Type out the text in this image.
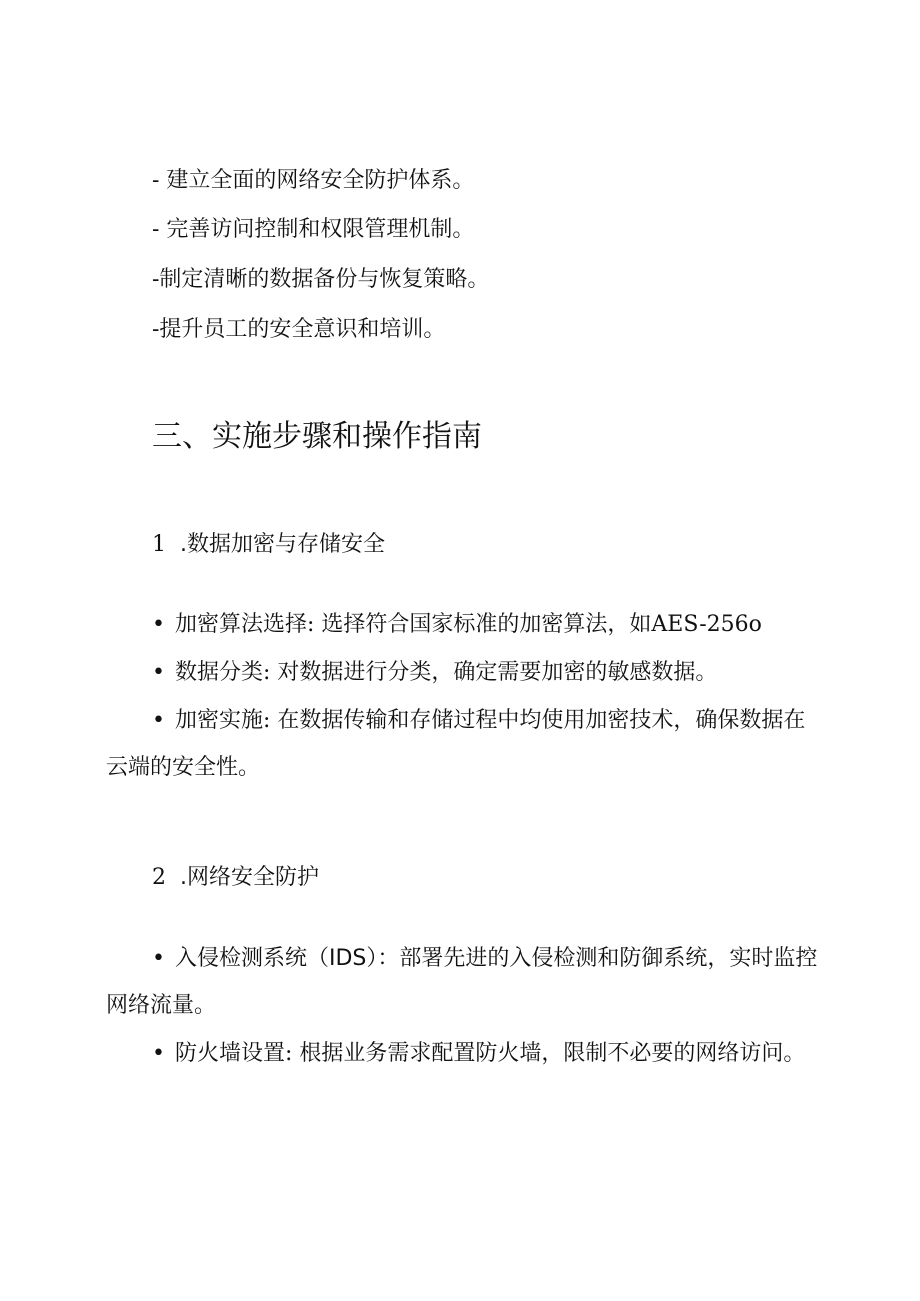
- 建立全面的网络安全防护体系。
- 完善访问控制和权限管理机制。
-制定清晰的数据备份与恢复策略。
-提升员工的安全意识和培训。
三、实施步骤和操作指南
1 .数据加密与存储安全
• 加密算法选择: 选择符合国家标准的加密算法，如AES-256o
• 数据分类: 对数据进行分类，确定需要加密的敏感数据。
• 加密实施: 在数据传输和存储过程中均使用加密技术，确保数据在云端的安全性。
2 .网络安全防护
• 入侵检测系统（IDS）：部署先进的入侵检测和防御系统，实时监控网络流量。
• 防火墙设置: 根据业务需求配置防火墙，限制不必要的网络访问。
